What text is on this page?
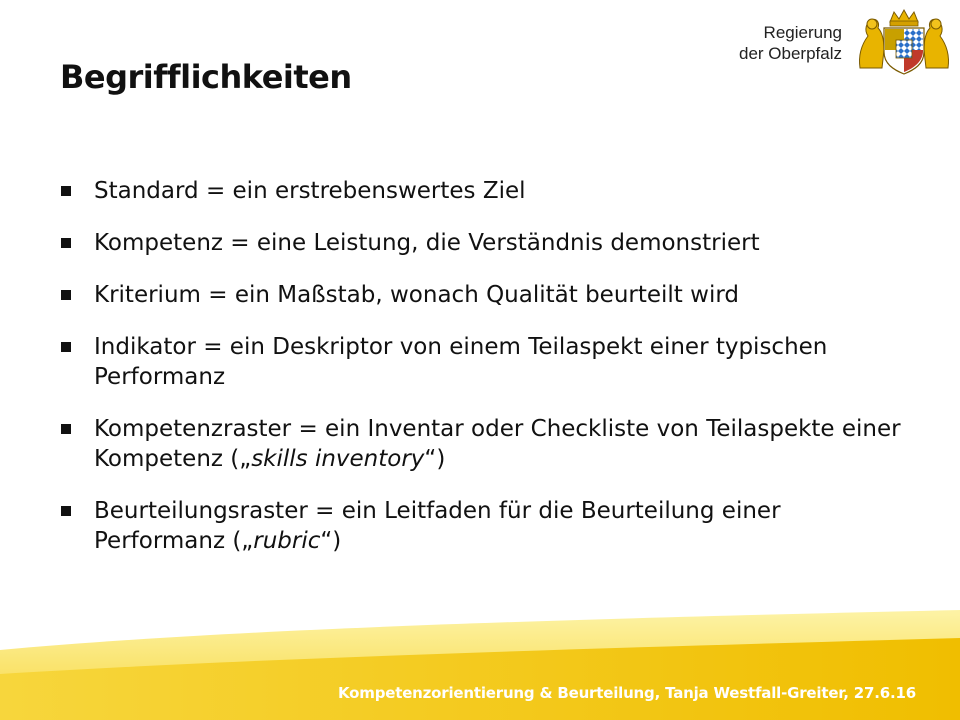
Regierung
der Oberpfalz
Begrifflichkeiten
Standard = ein erstrebenswertes Ziel
Kompetenz = eine Leistung, die Verständnis demonstriert
Kriterium = ein Maßstab, wonach Qualität beurteilt wird
Indikator = ein Deskriptor von einem Teilaspekt einer typischen Performanz
Kompetenzraster = ein Inventar oder Checkliste von Teilaspekte einer Kompetenz („skills inventory“)
Beurteilungsraster = ein Leitfaden für die Beurteilung einer Performanz („rubric“)
Kompetenzorientierung & Beurteilung, Tanja Westfall-Greiter, 27.6.16
